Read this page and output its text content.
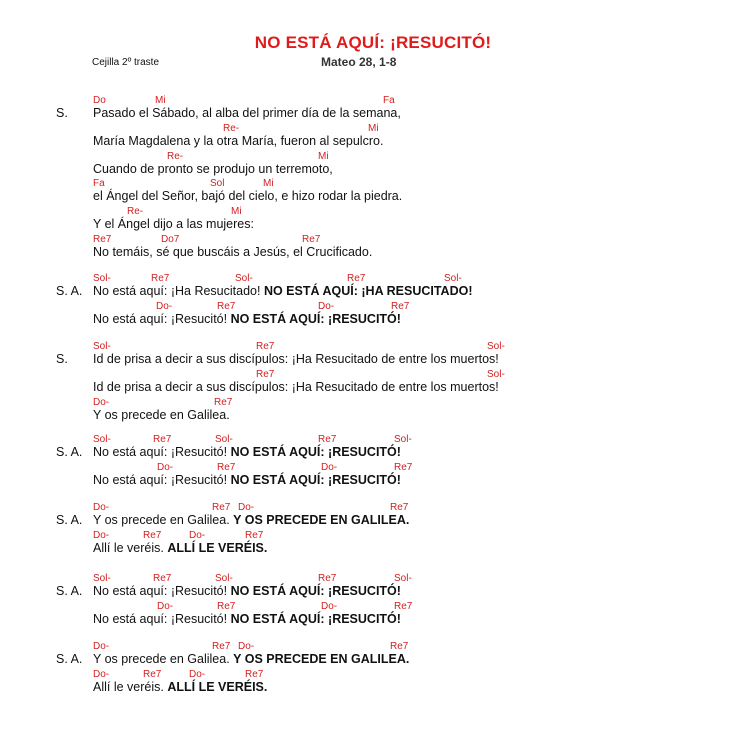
NO ESTÁ AQUÍ: ¡RESUCITÓ!
Cejilla 2º traste	Mateo 28, 1-8
Do	Mi	Fa
S. Pasado el Sábado, al alba del primer día de la semana,
Re-	Mi
María Magdalena y la otra María, fueron al sepulcro.
Re-	Mi
Cuando de pronto se produjo un terremoto,
Fa	Sol	Mi
el Ángel del Señor, bajó del cielo, e hizo rodar la piedra.
Re-	Mi
Y el Ángel dijo a las mujeres:
Re7	Do7	Re7
No temáis, sé que buscáis a Jesús, el Crucificado.
Sol-	Re7	Sol-	Re7	Sol-
S. A. No está aquí: ¡Ha Resucitado! NO ESTÁ AQUÍ: ¡HA RESUCITADO!
Do-	Re7	Do-	Re7
No está aquí: ¡Resucitó! NO ESTÁ AQUÍ: ¡RESUCITÓ!
Sol-	Re7	Sol-
S. Id de prisa a decir a sus discípulos: ¡Ha Resucitado de entre los muertos!
Re7	Sol-
Id de prisa a decir a sus discípulos: ¡Ha Resucitado de entre los muertos!
Do-	Re7
Y os precede en Galilea.
Sol-	Re7	Sol-	Re7	Sol-
S. A. No está aquí: ¡Resucitó! NO ESTÁ AQUÍ: ¡RESUCITÓ!
Do-	Re7	Do-	Re7
No está aquí: ¡Resucitó! NO ESTÁ AQUÍ: ¡RESUCITÓ!
Do-	Re7 Do-	Re7
S. A. Y os precede en Galilea. Y OS PRECEDE EN GALILEA.
Do-	Re7	Do-	Re7
Allí le veréis. ALLÍ LE VERÉIS.
Sol-	Re7	Sol-	Re7	Sol-
S. A. No está aquí: ¡Resucitó! NO ESTÁ AQUÍ: ¡RESUCITÓ!
Do-	Re7	Do-	Re7
No está aquí: ¡Resucitó! NO ESTÁ AQUÍ: ¡RESUCITÓ!
Do-	Re7 Do-	Re7
S. A. Y os precede en Galilea. Y OS PRECEDE EN GALILEA.
Do-	Re7	Do-	Re7
Allí le veréis. ALLÍ LE VERÉIS.
